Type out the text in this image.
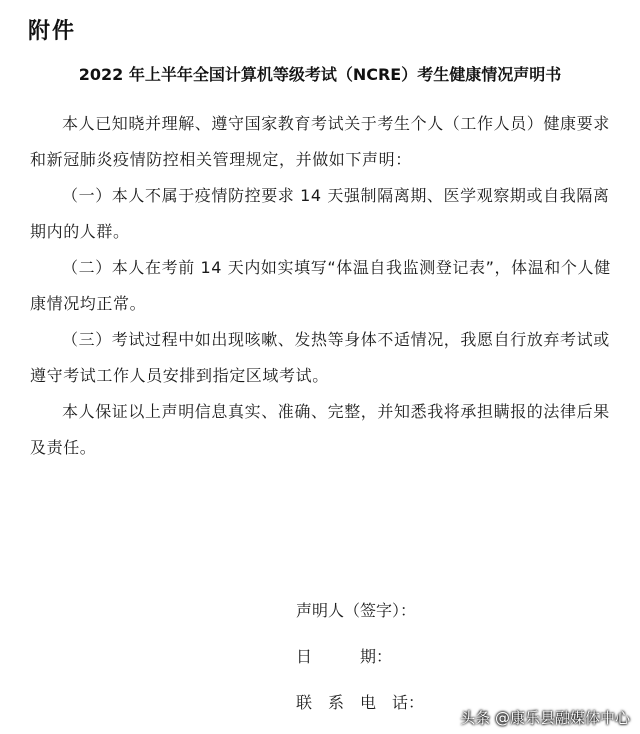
附件
2022 年上半年全国计算机等级考试（NCRE）考生健康情况声明书

本人已知晓并理解、遵守国家教育考试关于考生个人（工作人员）健康要求和新冠肺炎疫情防控相关管理规定，并做如下声明：

（一）本人不属于疫情防控要求 14 天强制隔离期、医学观察期或自我隔离期内的人群。

（二）本人在考前 14 天内如实填写“体温自我监测登记表”，体温和个人健康情况均正常。

（三）考试过程中如出现咳嗽、发热等身体不适情况，我愿自行放弃考试或遵守考试工作人员安排到指定区域考试。

本人保证以上声明信息真实、准确、完整，并知悉我将承担瞒报的法律后果及责任。

声明人（签字）：
日　　　期：
联　系　电　话：
头条 @康乐县融媒体中心
